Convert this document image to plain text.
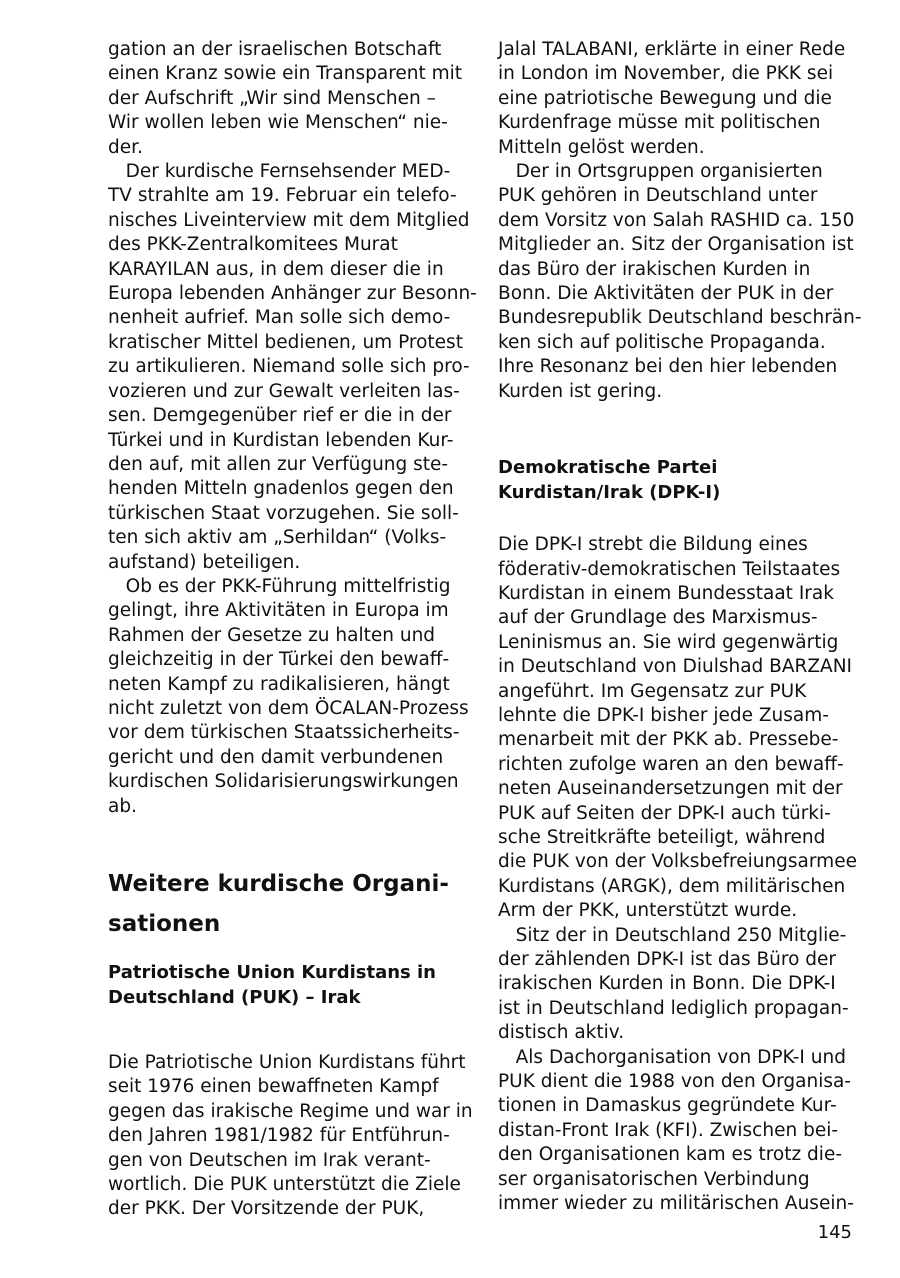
gation an der israelischen Botschaft
einen Kranz sowie ein Transparent mit
der Aufschrift „Wir sind Menschen –
Wir wollen leben wie Menschen“ nie-
der.
Der kurdische Fernsehsender MED-
TV strahlte am 19. Februar ein telefo-
nisches Liveinterview mit dem Mitglied
des PKK-Zentralkomitees Murat
KARAYILAN aus, in dem dieser die in
Europa lebenden Anhänger zur Besonn-
nenheit aufrief. Man solle sich demo-
kratischer Mittel bedienen, um Protest
zu artikulieren. Niemand solle sich pro-
vozieren und zur Gewalt verleiten las-
sen. Demgegenüber rief er die in der
Türkei und in Kurdistan lebenden Kur-
den auf, mit allen zur Verfügung ste-
henden Mitteln gnadenlos gegen den
türkischen Staat vorzugehen. Sie soll-
ten sich aktiv am „Serhildan“ (Volks-
aufstand) beteiligen.
Ob es der PKK-Führung mittelfristig
gelingt, ihre Aktivitäten in Europa im
Rahmen der Gesetze zu halten und
gleichzeitig in der Türkei den bewaff-
neten Kampf zu radikalisieren, hängt
nicht zuletzt von dem ÖCALAN-Prozess
vor dem türkischen Staatssicherheits-
gericht und den damit verbundenen
kurdischen Solidarisierungswirkungen
ab.
Weitere kurdische Organi-
sationen
Patriotische Union Kurdistans in
Deutschland (PUK) – Irak
Die Patriotische Union Kurdistans führt
seit 1976 einen bewaffneten Kampf
gegen das irakische Regime und war in
den Jahren 1981/1982 für Entführun-
gen von Deutschen im Irak verant-
wortlich. Die PUK unterstützt die Ziele
der PKK. Der Vorsitzende der PUK,
Jalal TALABANI, erklärte in einer Rede
in London im November, die PKK sei
eine patriotische Bewegung und die
Kurdenfrage müsse mit politischen
Mitteln gelöst werden.
Der in Ortsgruppen organisierten
PUK gehören in Deutschland unter
dem Vorsitz von Salah RASHID ca. 150
Mitglieder an. Sitz der Organisation ist
das Büro der irakischen Kurden in
Bonn. Die Aktivitäten der PUK in der
Bundesrepublik Deutschland beschrän-
ken sich auf politische Propaganda.
Ihre Resonanz bei den hier lebenden
Kurden ist gering.
Demokratische Partei
Kurdistan/Irak (DPK-I)
Die DPK-I strebt die Bildung eines
föderativ-demokratischen Teilstaates
Kurdistan in einem Bundesstaat Irak
auf der Grundlage des Marxismus-
Leninismus an. Sie wird gegenwärtig
in Deutschland von Diulshad BARZANI
angeführt. Im Gegensatz zur PUK
lehnte die DPK-I bisher jede Zusam-
menarbeit mit der PKK ab. Pressebe-
richten zufolge waren an den bewaff-
neten Auseinandersetzungen mit der
PUK auf Seiten der DPK-I auch türki-
sche Streitkräfte beteiligt, während
die PUK von der Volksbefreiungsarmee
Kurdistans (ARGK), dem militärischen
Arm der PKK, unterstützt wurde.
Sitz der in Deutschland 250 Mitglie-
der zählenden DPK-I ist das Büro der
irakischen Kurden in Bonn. Die DPK-I
ist in Deutschland lediglich propagan-
distisch aktiv.
Als Dachorganisation von DPK-I und
PUK dient die 1988 von den Organisa-
tionen in Damaskus gegründete Kur-
distan-Front Irak (KFI). Zwischen bei-
den Organisationen kam es trotz die-
ser organisatorischen Verbindung
immer wieder zu militärischen Ausein-
145
